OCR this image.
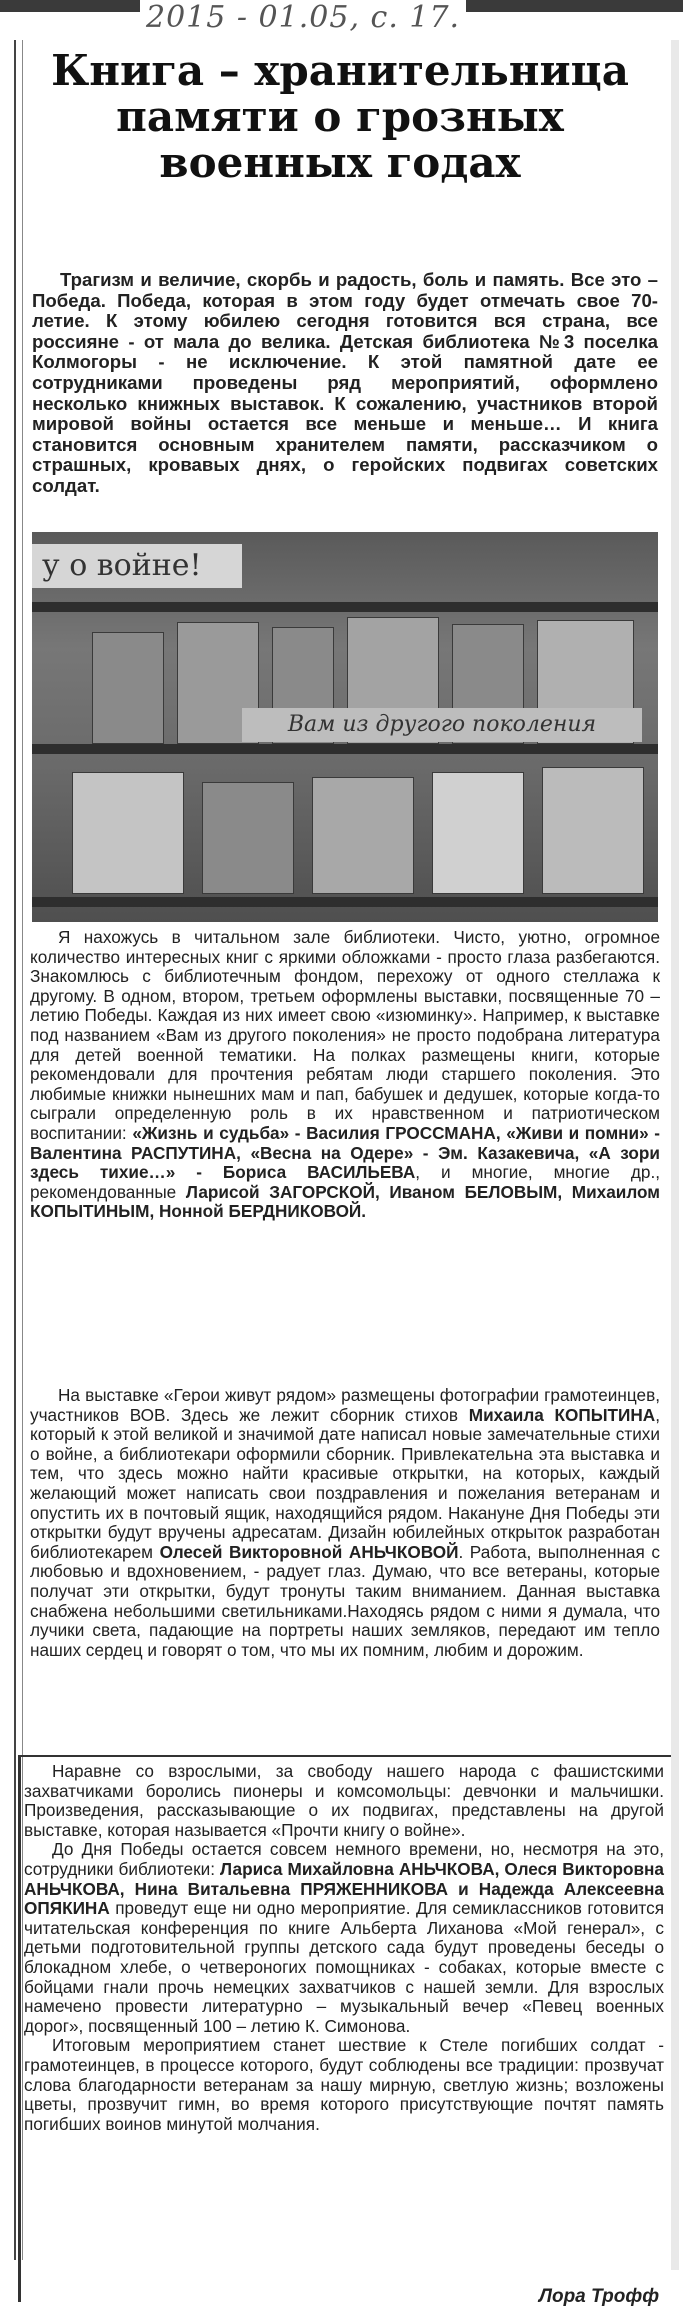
2015 - 01.05, с. 17.
Книга – хранительница памяти о грозных военных годах

Трагизм и величие, скорбь и радость, боль и память. Все это – Победа. Победа, которая в этом году будет отмечать свое 70-летие. К этому юбилею сегодня готовится вся страна, все россияне - от мала до велика. Детская библиотека №3 поселка Колмогоры - не исключение. К этой памятной дате ее сотрудниками проведены ряд мероприятий, оформлено несколько книжных выставок. К сожалению, участников второй мировой войны остается все меньше и меньше… И книга становится основным хранителем памяти, рассказчиком о страшных, кровавых днях, о геройских подвигах советских солдат.

у о войне!
Вам из другого поколения

Я нахожусь в читальном зале библиотеки. Чисто, уютно, огромное количество интересных книг с яркими обложками - просто глаза разбегаются. Знакомлюсь с библиотечным фондом, перехожу от одного стеллажа к другому. В одном, втором, третьем оформлены выставки, посвященные 70 –летию Победы. Каждая из них имеет свою «изюминку». Например, к выставке под названием «Вам из другого поколения» не просто подобрана литература для детей военной тематики. На полках размещены книги, которые рекомендовали для прочтения ребятам люди старшего поколения. Это любимые книжки нынешних мам и пап, бабушек и дедушек, которые когда-то сыграли определенную роль в их нравственном и патриотическом воспитании: «Жизнь и судьба» - Василия ГРОССМАНА, «Живи и помни» - Валентина РАСПУТИНА, «Весна на Одере» - Эм. Казакевича, «А зори здесь тихие…» - Бориса ВАСИЛЬЕВА, и многие, многие др., рекомендованные Ларисой ЗАГОРСКОЙ, Иваном БЕЛОВЫМ, Михаилом КОПЫТИНЫМ, Нонной БЕРДНИКОВОЙ.

На выставке «Герои живут рядом» размещены фотографии грамотеинцев, участников ВОВ. Здесь же лежит сборник стихов Михаила КОПЫТИНА, который к этой великой и значимой дате написал новые замечательные стихи о войне, а библиотекари оформили сборник. Привлекательна эта выставка и тем, что здесь можно найти красивые открытки, на которых, каждый желающий может написать свои поздравления и пожелания ветеранам и опустить их в почтовый ящик, находящийся рядом. Накануне Дня Победы эти открытки будут вручены адресатам. Дизайн юбилейных открыток разработан библиотекарем Олесей Викторовной АНЬЧКОВОЙ. Работа, выполненная с любовью и вдохновением, - радует глаз. Думаю, что все ветераны, которые получат эти открытки, будут тронуты таким вниманием. Данная выставка снабжена небольшими светильниками.Находясь рядом с ними я думала, что лучики света, падающие на портреты наших земляков, передают им тепло наших сердец и говорят о том, что мы их помним, любим и дорожим.

Наравне со взрослыми, за свободу нашего народа с фашистскими захватчиками боролись пионеры и комсомольцы: девчонки и мальчишки. Произведения, рассказывающие о их подвигах, представлены на другой выставке, которая называется «Прочти книгу о войне».

До Дня Победы остается совсем немного времени, но, несмотря на это, сотрудники библиотеки: Лариса Михайловна АНЬЧКОВА, Олеся Викторовна АНЬЧКОВА, Нина Витальевна ПРЯЖЕННИКОВА и Надежда Алексеевна ОПЯКИНА проведут еще ни одно мероприятие. Для семиклассников готовится читательская конференция по книге Альберта Лиханова «Мой генерал», с детьми подготовительной группы детского сада будут проведены беседы о блокадном хлебе, о четвероногих помощниках - собаках, которые вместе с бойцами гнали прочь немецких захватчиков с нашей земли. Для взрослых намечено провести литературно – музыкальный вечер «Певец военных дорог», посвященный 100 – летию К. Симонова.

Итоговым мероприятием станет шествие к Стеле погибших солдат - грамотеинцев, в процессе которого, будут соблюдены все традиции: прозвучат слова благодарности ветеранам за нашу мирную, светлую жизнь; возложены цветы, прозвучит гимн, во время которого присутствующие почтят память погибших воинов минутой молчания.

Лора Трофф
